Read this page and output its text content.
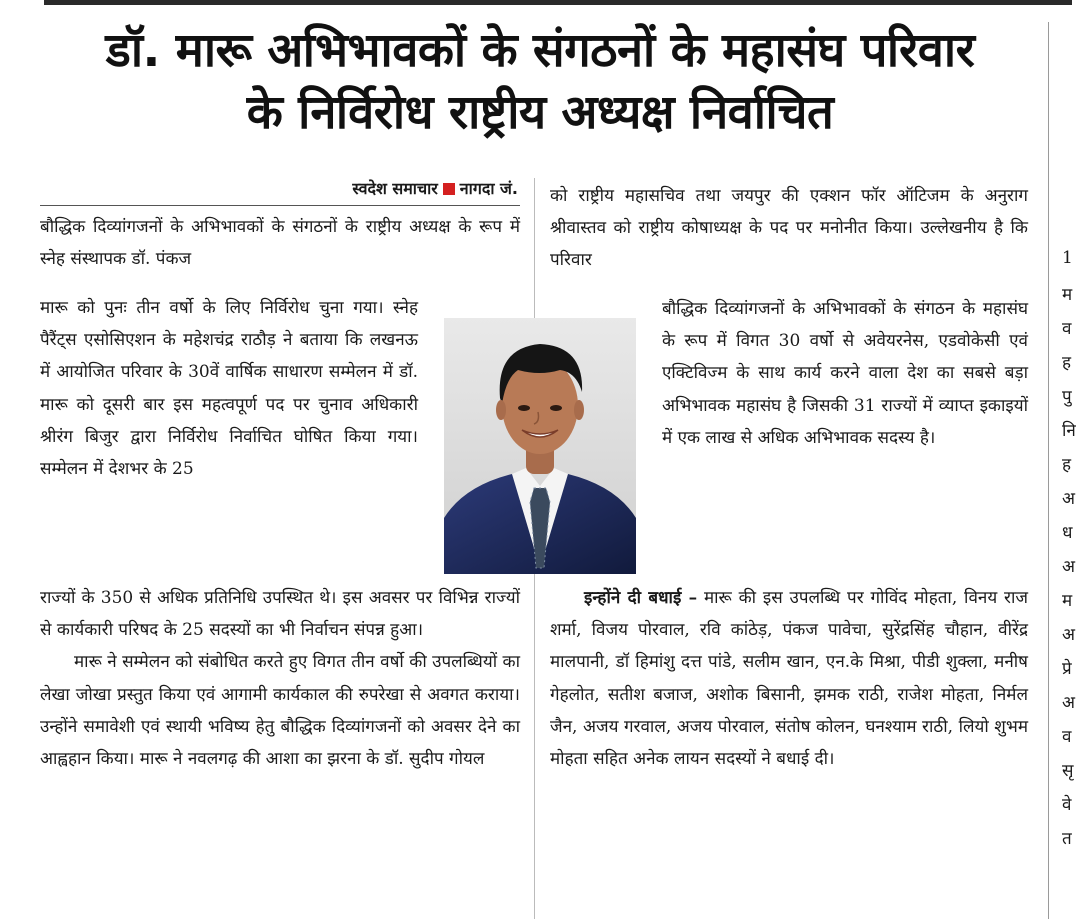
डॉ. मारू अभिभावकों के संगठनों के महासंघ परिवार
के निर्विरोध राष्ट्रीय अध्यक्ष निर्वाचित
स्वदेश समाचार नागदा जं.

बौद्धिक दिव्यांगजनों के अभिभावकों के संगठनों के राष्ट्रीय अध्यक्ष के रूप में स्नेह संस्थापक डॉ. पंकज

मारू को पुनः तीन वर्षो के लिए निर्विरोध चुना गया। स्नेह पैरैंट्स एसोसिएशन के महेशचंद्र राठौड़ ने बताया कि लखनऊ में आयोजित परिवार के 30वें वार्षिक साधारण सम्मेलन में डॉ. मारू को दूसरी बार इस महत्वपूर्ण पद पर चुनाव अधिकारी श्रीरंग बिजुर द्वारा निर्विरोध निर्वाचित घोषित किया गया। सम्मेलन में देशभर के 25

राज्यों के 350 से अधिक प्रतिनिधि उपस्थित थे। इस अवसर पर विभिन्न राज्यों से कार्यकारी परिषद के 25 सदस्यों का भी निर्वाचन संपन्न हुआ।

मारू ने सम्मेलन को संबोधित करते हुए विगत तीन वर्षो की उपलब्धियों का लेखा जोखा प्रस्तुत किया एवं आगामी कार्यकाल की रुपरेखा से अवगत कराया। उन्होंने समावेशी एवं स्थायी भविष्य हेतु बौद्धिक दिव्यांगजनों को अवसर देने का आह्वहान किया। मारू ने नवलगढ़ की आशा का झरना के डॉ. सुदीप गोयल

को राष्ट्रीय महासचिव तथा जयपुर की एक्शन फॉर ऑटिजम के अनुराग श्रीवास्तव को राष्ट्रीय कोषाध्यक्ष के पद पर मनोनीत किया। उल्लेखनीय है कि परिवार

बौद्धिक दिव्यांगजनों के अभिभावकों के संगठन के महासंघ के रूप में विगत 30 वर्षो से अवेयरनेस, एडवोकेसी एवं एक्टिविज्म के साथ कार्य करने वाला देश का सबसे बड़ा अभिभावक महासंघ है जिसकी 31 राज्यों में व्याप्त इकाइयों में एक लाख से अधिक अभिभावक सदस्य है।

इन्होंने दी बधाई – मारू की इस उपलब्धि पर गोविंद मोहता, विनय राज शर्मा, विजय पोरवाल, रवि कांठेड़, पंकज पावेचा, सुरेंद्रसिंह चौहान, वीरेंद्र मालपानी, डॉ हिमांशु दत्त पांडे, सलीम खान, एन.के मिश्रा, पीडी शुक्ला, मनीष गेहलोत, सतीश बजाज, अशोक बिसानी, झमक राठी, राजेश मोहता, निर्मल जैन, अजय गरवाल, अजय पोरवाल, संतोष कोलन, घनश्याम राठी, लियो शुभम मोहता सहित अनेक लायन सदस्यों ने बधाई दी।

1
म
व
ह
पु
नि
ह
अ
ध
अ
म
अ
प्रे
अ
व
सृ
वे
त
